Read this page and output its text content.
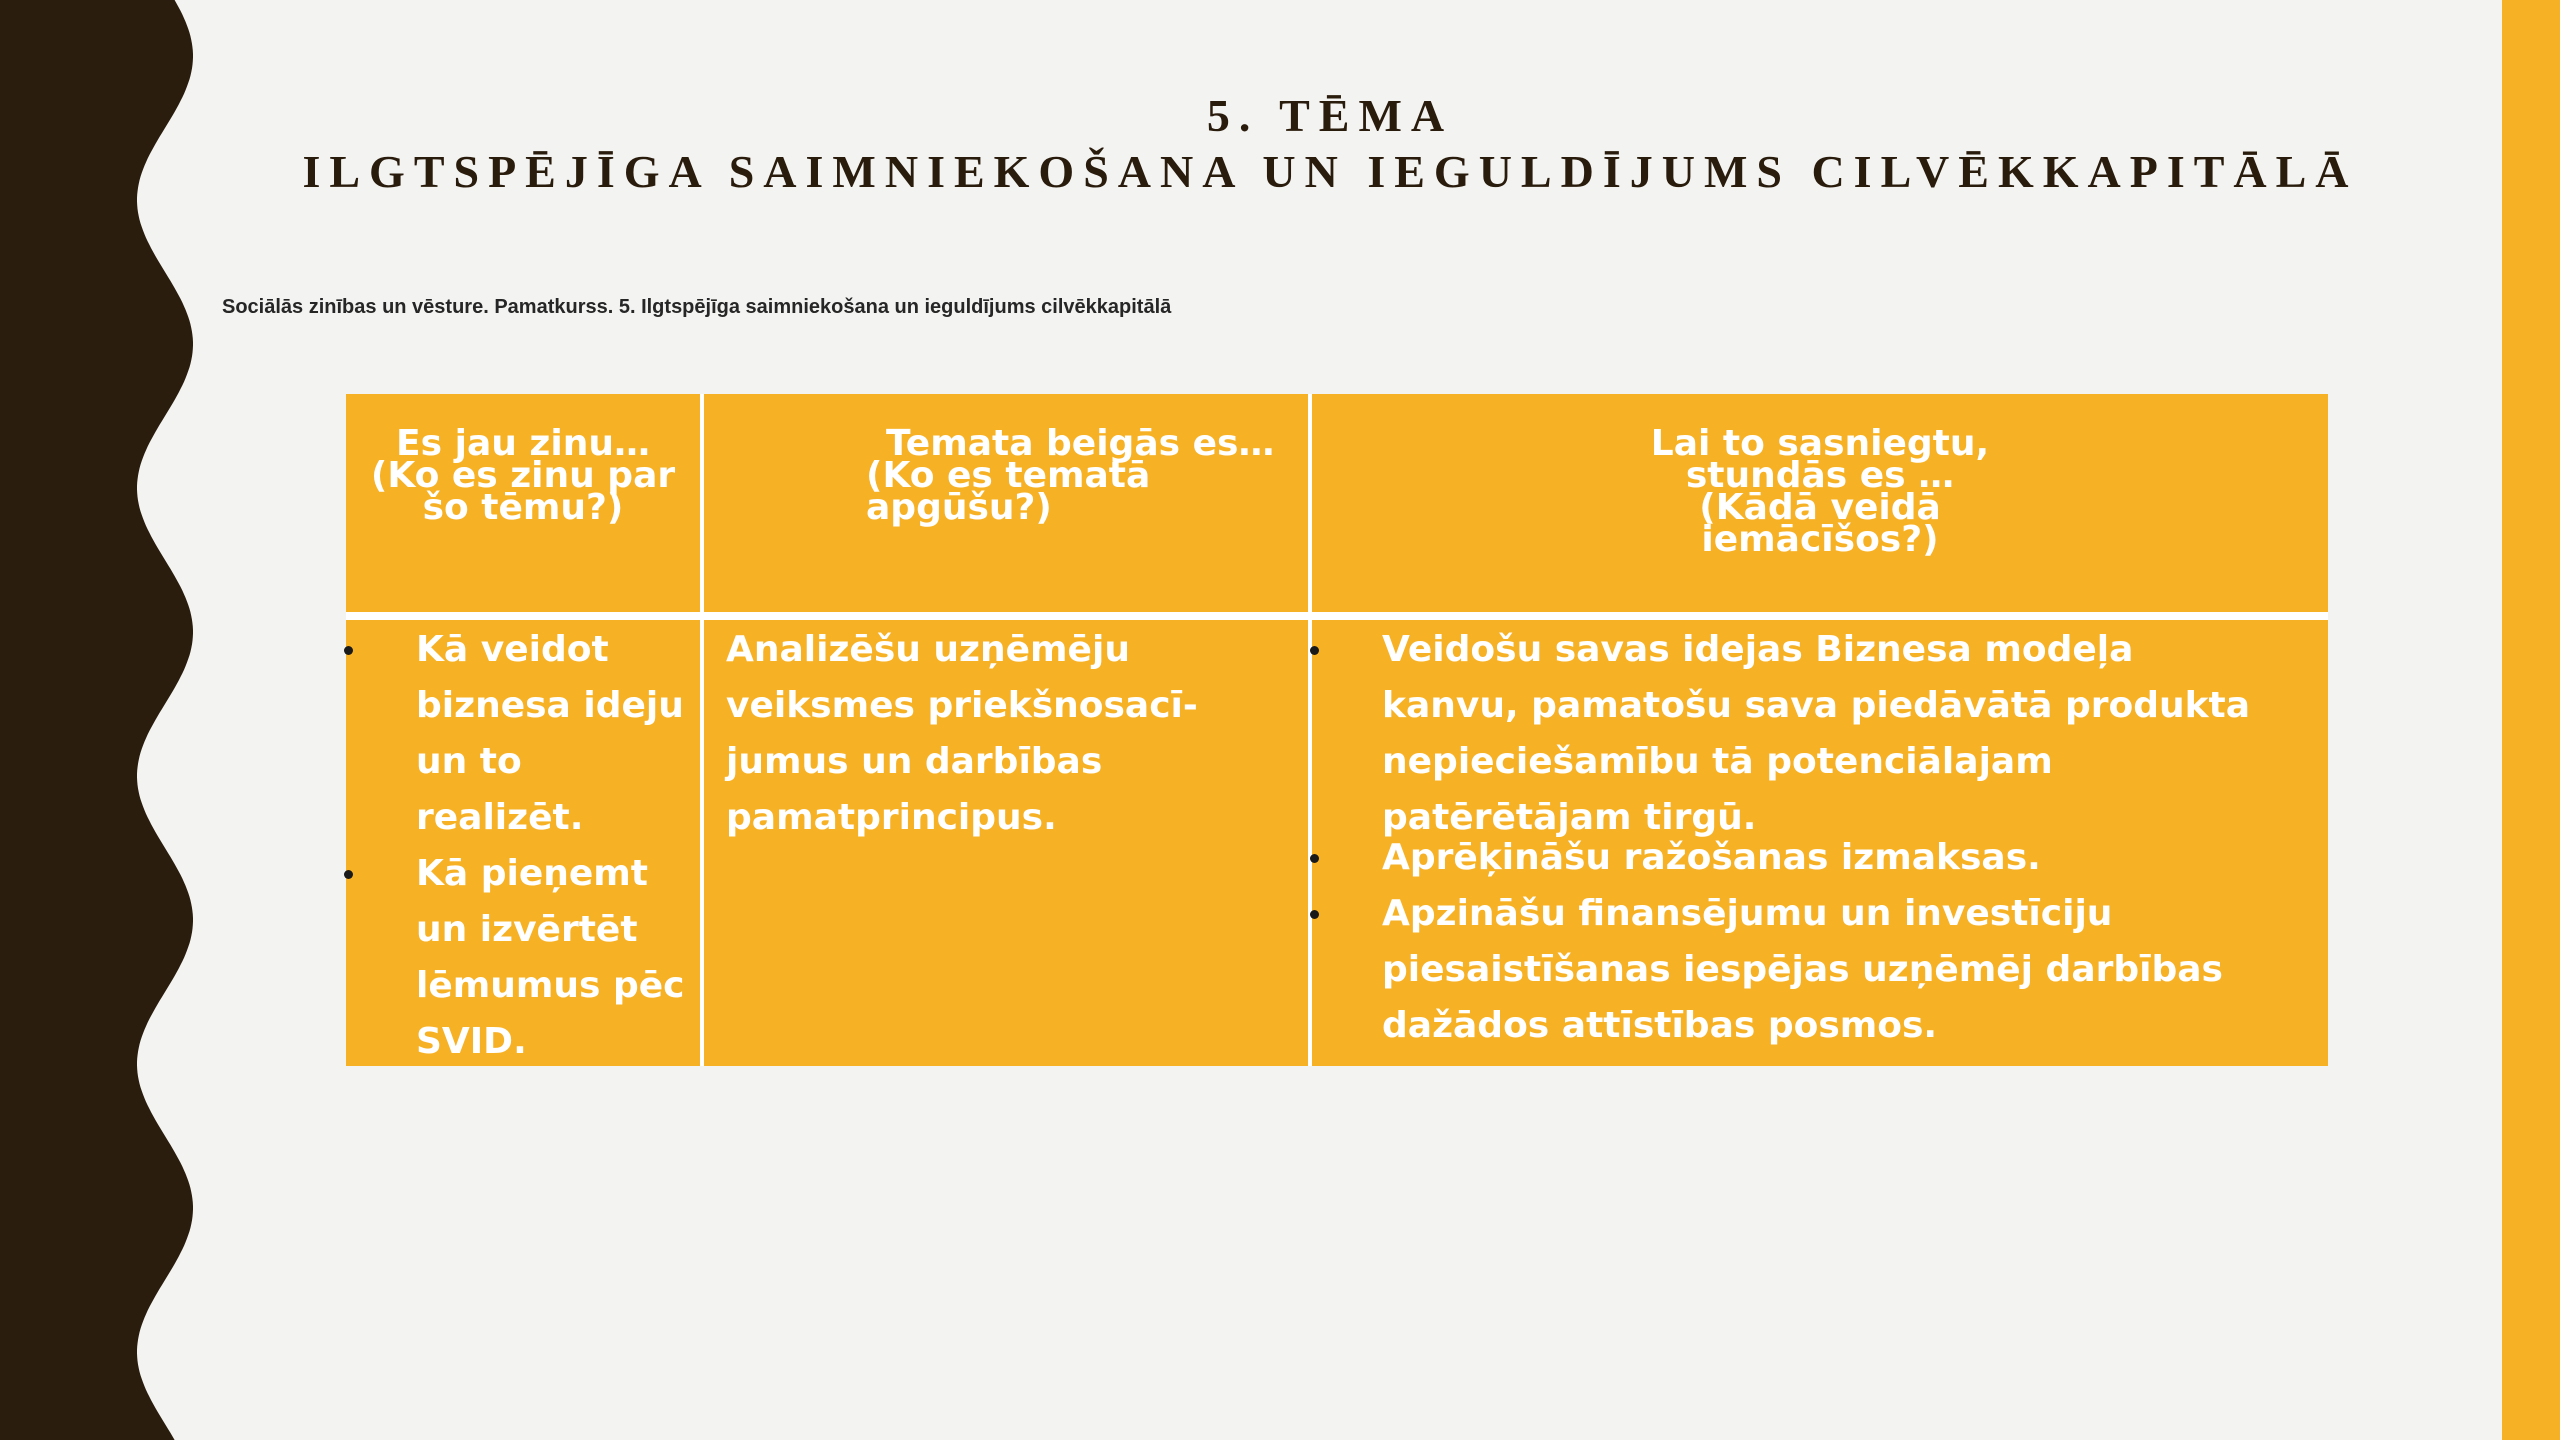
5. TĒMA
ILGTSPĒJĪGA SAIMNIEKOŠANA UN IEGULDĪJUMS CILVĒKKAPITĀLĀ
Sociālās zinības un vēsture. Pamatkurss. 5. Ilgtspējīga saimniekošana un ieguldījums cilvēkkapitālā
Es jau zinu…
(Ko es zinu par
šo tēmu?)
Temata beigās es…
(Ko es tematā
apgūšu?)
Lai to sasniegtu,
stundās es …
(Kādā veidā
iemācīšos?)
Kā veidot biznesa ideju un to realizēt.
Kā pieņemt un izvērtēt lēmumus pēc SVID.
Analizēšu uzņēmēju veiksmes priekšnosacī- jumus un darbības pamatprincipus.
Veidošu savas idejas Biznesa modeļa kanvu, pamatošu sava piedāvātā produkta nepieciešamību tā potenciālajam patērētājam tirgū.
Aprēķināšu ražošanas izmaksas.
Apzināšu finansējumu un investīciju piesaistīšanas iespējas uzņēmēj darbības dažādos attīstības posmos.
